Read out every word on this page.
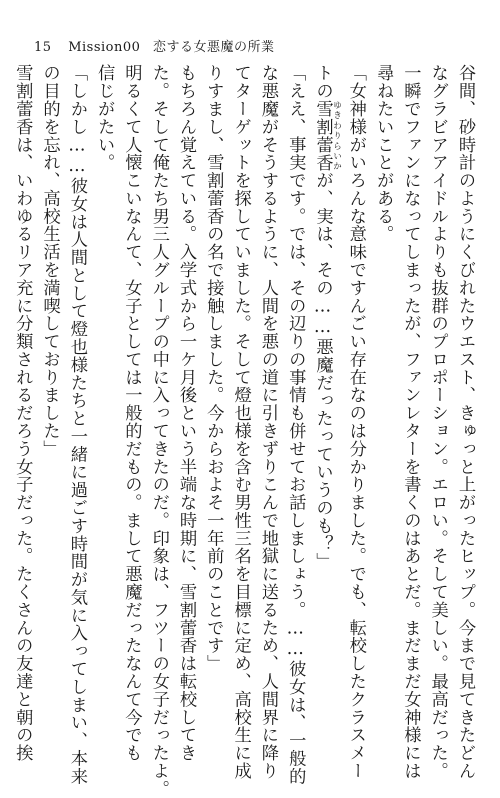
15 Mission00 恋する女悪魔の所業
谷間、砂時計のようにくびれたウエスト、きゅっと上がったヒップ。今まで見てきたどん
なグラビアアイドルよりも抜群のプロポーション。エロい。そして美しい。最高だった。
一瞬でファンになってしまったが、ファンレターを書くのはあとだ。まだまだ女神様には
尋ねたいことがある。
「女神様がいろんな意味ですんごい存在なのは分かりました。でも、転校したクラスメー
トの雪割蕾香 ゆきわりらいかが、実は、その……悪魔だったっていうのも？」
「ええ、事実です。では、その辺りの事情も併せてお話しましょう。……彼女は、一般的
な悪魔がそうするように、人間を悪の道に引きずりこんで地獄に送るため、人間界に降り
てターゲットを探していました。そして燈也様を含む男性三名を目標に定め、高校生に成
りすまし、雪割蕾香の名で接触しました。今からおよそ一年前のことです」
もちろん覚えている。入学式から一ケ月後という半端な時期に、雪割蕾香は転校してき
た。そして俺たち男三人グループの中に入ってきたのだ。印象は、フツーの女子だったよ。
明るくて人懐こいなんて、女子としては一般的だもの。まして悪魔だったなんて今でも
信じがたい。
「しかし……彼女は人間として燈也様たちと一緒に過ごす時間が気に入ってしまい、本来
の目的を忘れ、高校生活を満喫しておりました」
雪割蕾香は、いわゆるリア充に分類されるだろう女子だった。たくさんの友達と朝の挨
